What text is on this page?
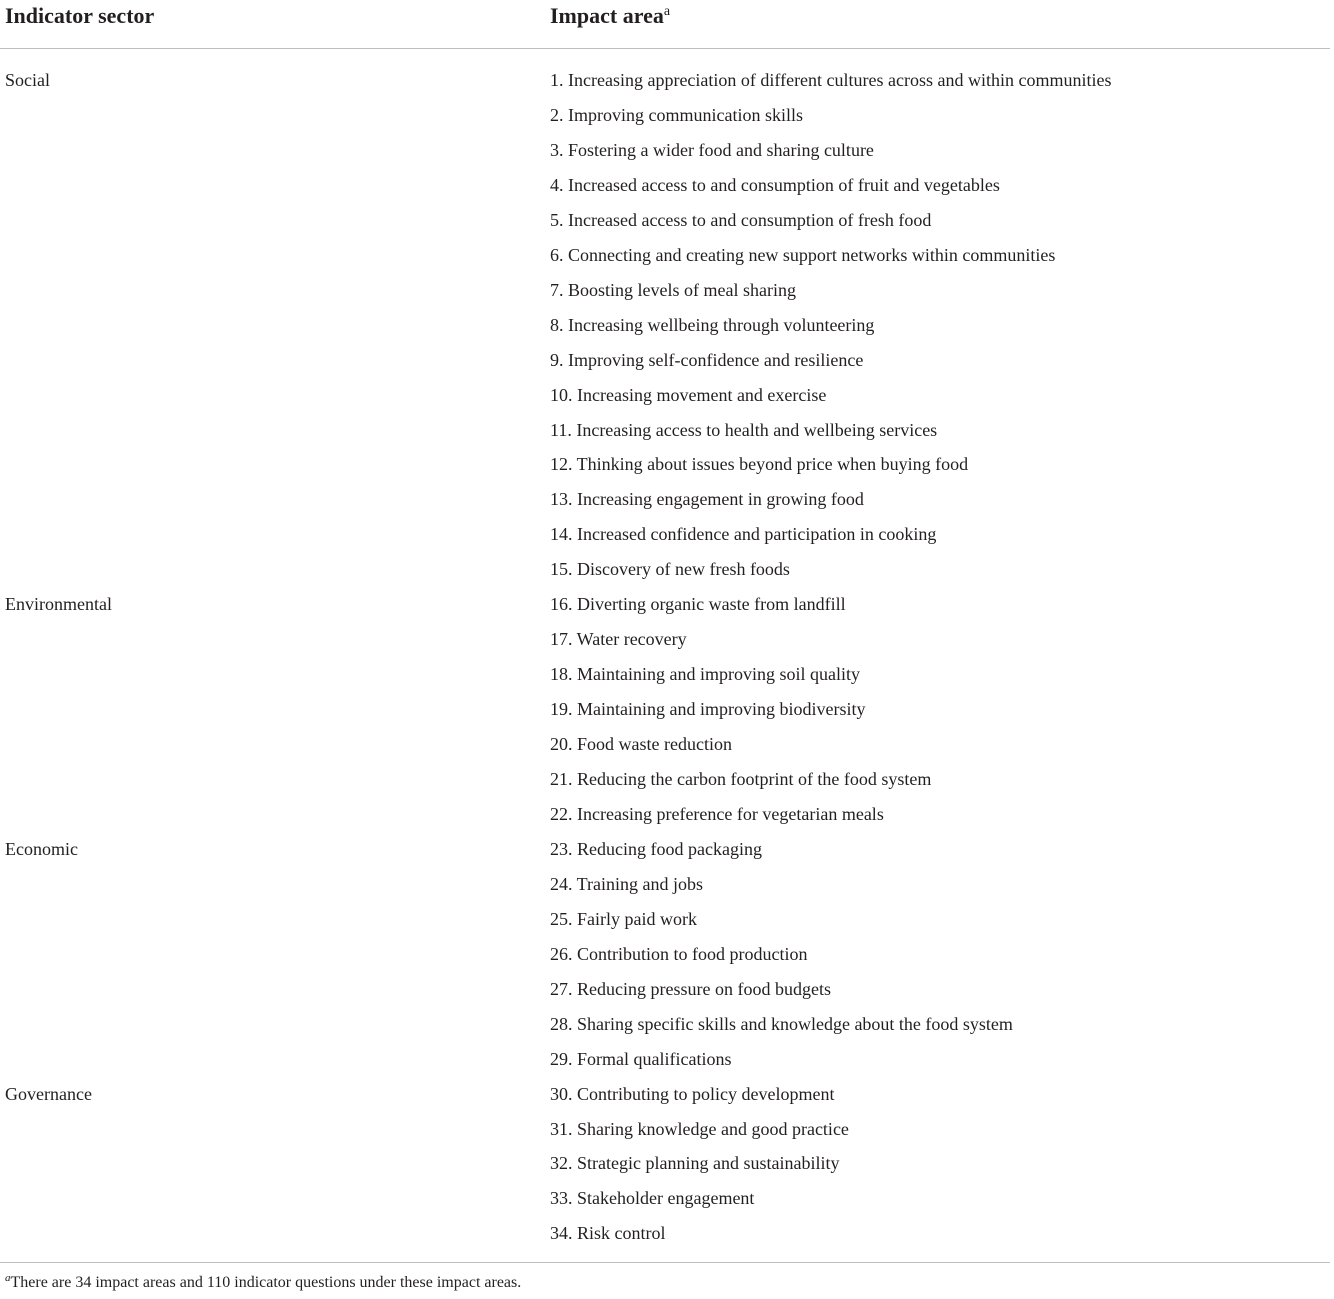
Indicator sector	Impact area$^a$
Social	1. Increasing appreciation of different cultures across and within communities
2. Improving communication skills
3. Fostering a wider food and sharing culture
4. Increased access to and consumption of fruit and vegetables
5. Increased access to and consumption of fresh food
6. Connecting and creating new support networks within communities
7. Boosting levels of meal sharing
8. Increasing wellbeing through volunteering
9. Improving self-confidence and resilience
10. Increasing movement and exercise
11. Increasing access to health and wellbeing services
12. Thinking about issues beyond price when buying food
13. Increasing engagement in growing food
14. Increased confidence and participation in cooking
15. Discovery of new fresh foods
Environmental	16. Diverting organic waste from landfill
17. Water recovery
18. Maintaining and improving soil quality
19. Maintaining and improving biodiversity
20. Food waste reduction
21. Reducing the carbon footprint of the food system
22. Increasing preference for vegetarian meals
Economic	23. Reducing food packaging
24. Training and jobs
25. Fairly paid work
26. Contribution to food production
27. Reducing pressure on food budgets
28. Sharing specific skills and knowledge about the food system
29. Formal qualifications
Governance	30. Contributing to policy development
31. Sharing knowledge and good practice
32. Strategic planning and sustainability
33. Stakeholder engagement
34. Risk control
$^a$There are 34 impact areas and 110 indicator questions under these impact areas.
